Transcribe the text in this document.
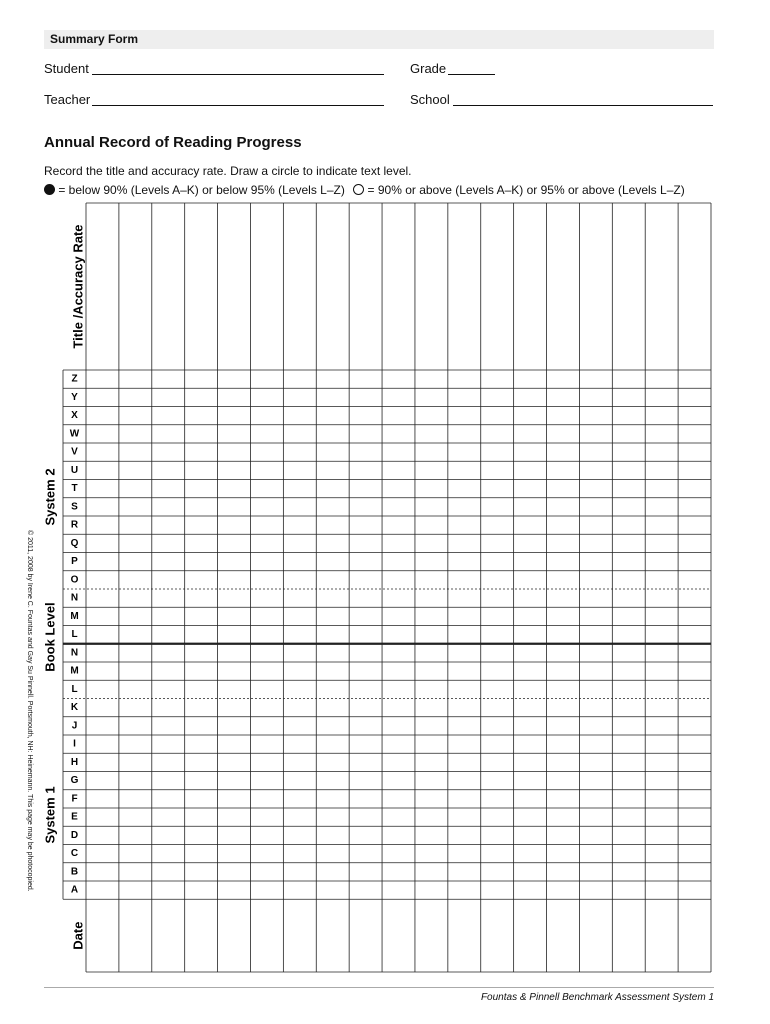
Summary Form
Student	Grade
Teacher	School
Annual Record of Reading Progress
Record the title and accuracy rate. Draw a circle to indicate text level.
= below 90% (Levels A–K) or below 95% (Levels L–Z) = 90% or above (Levels A–K) or 95% or above (Levels L–Z)
Z
Y
X
W
V
U
T
S
R
Q
P
O
N
M
L
N
M
L
K
J
I
H
G
F
E
D
C
B
A
Title /Accuracy Rate
Date
System 2
Book Level
System 1
© 2011, 2008 by Irene C. Fountas and Gay Su Pinnell. Portsmouth, NH: Heinemann. This page may be photocopied.
Fountas & Pinnell Benchmark Assessment System 1
